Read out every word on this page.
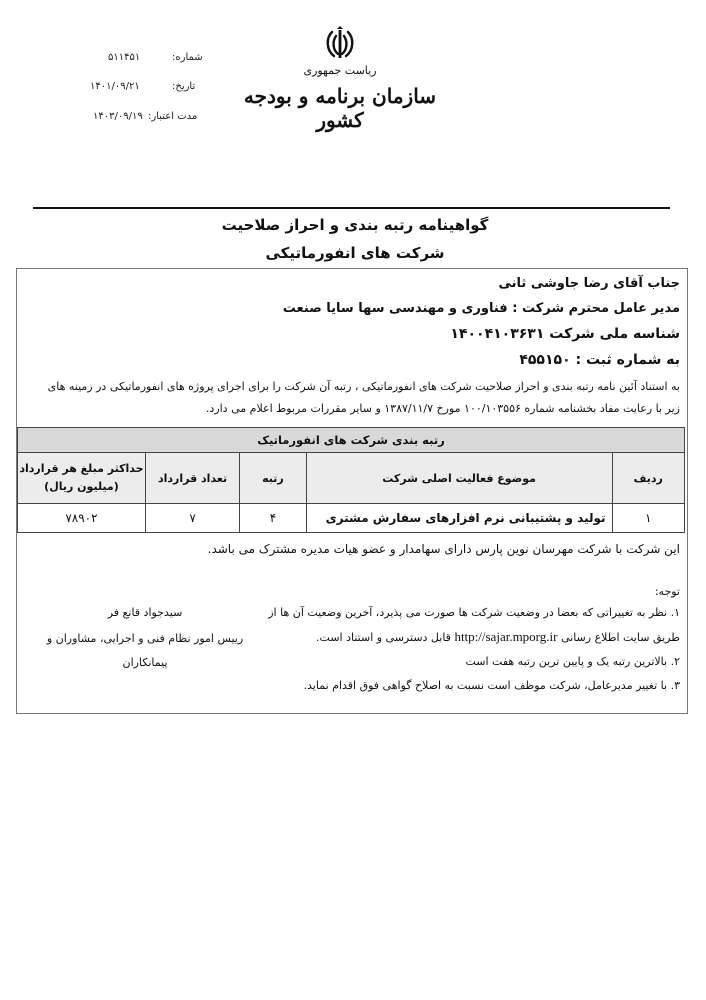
شماره:
۵۱۱۴۵۱
تاریخ:
۱۴۰۱/۰۹/۲۱
مدت اعتبار:
۱۴۰۳/۰۹/۱۹
ریاست جمهوری
سازمان برنامه و بودجه کشور
گواهینامه رتبه بندی و احراز صلاحیت
شرکت های انفورماتیکی
جناب آقای رضا جاوشی ثانی
مدیر عامل محترم شرکت : فناوری و مهندسی سها سایا صنعت
شناسه ملی شرکت ۱۴۰۰۴۱۰۳۶۳۱
به شماره ثبت : ۴۵۵۱۵۰
به استناد آئین نامه رتبه بندی و احراز صلاحیت شرکت های انفورماتیکی ، رتبه آن شرکت را برای اجرای پروژه های انفورماتیکی در زمینه های
زیر با رعایت مفاد بخشنامه شماره ۱۰۰/۱۰۳۵۵۶ مورخ ۱۳۸۷/۱۱/۷ و سایر مقررات مربوط اعلام می دارد.
رتبه بندی شرکت های انفورماتیک				
ردیف	موضوع فعالیت اصلی شرکت	رتبه	تعداد قرارداد	حداکثر مبلغ هر قرارداد (میلیون ریال)
۱	تولید و پشتیبانی نرم افزارهای سفارش مشتری	۴	۷	۷۸۹۰۲
این شرکت با شرکت مهرسان نوین پارس دارای سهامدار و عضو هیات مدیره مشترک می باشد.
توجه:
۱. نظر به تغییراتی که بعضا در وضعیت شرکت ها صورت می پذیرد، آخرین وضعیت آن ها از
طریق سایت اطلاع رسانی http://sajar.mporg.ir قابل دسترسی و استناد است.
۲. بالاترین رتبه یک و پایین ترین رتبه هفت است
۳. با تغییر مدیرعامل، شرکت موظف است نسبت به اصلاح گواهی فوق اقدام نماید.
سیدجواد قانع فر
رییس امور نظام فنی و اجرایی، مشاوران و
پیمانکاران
